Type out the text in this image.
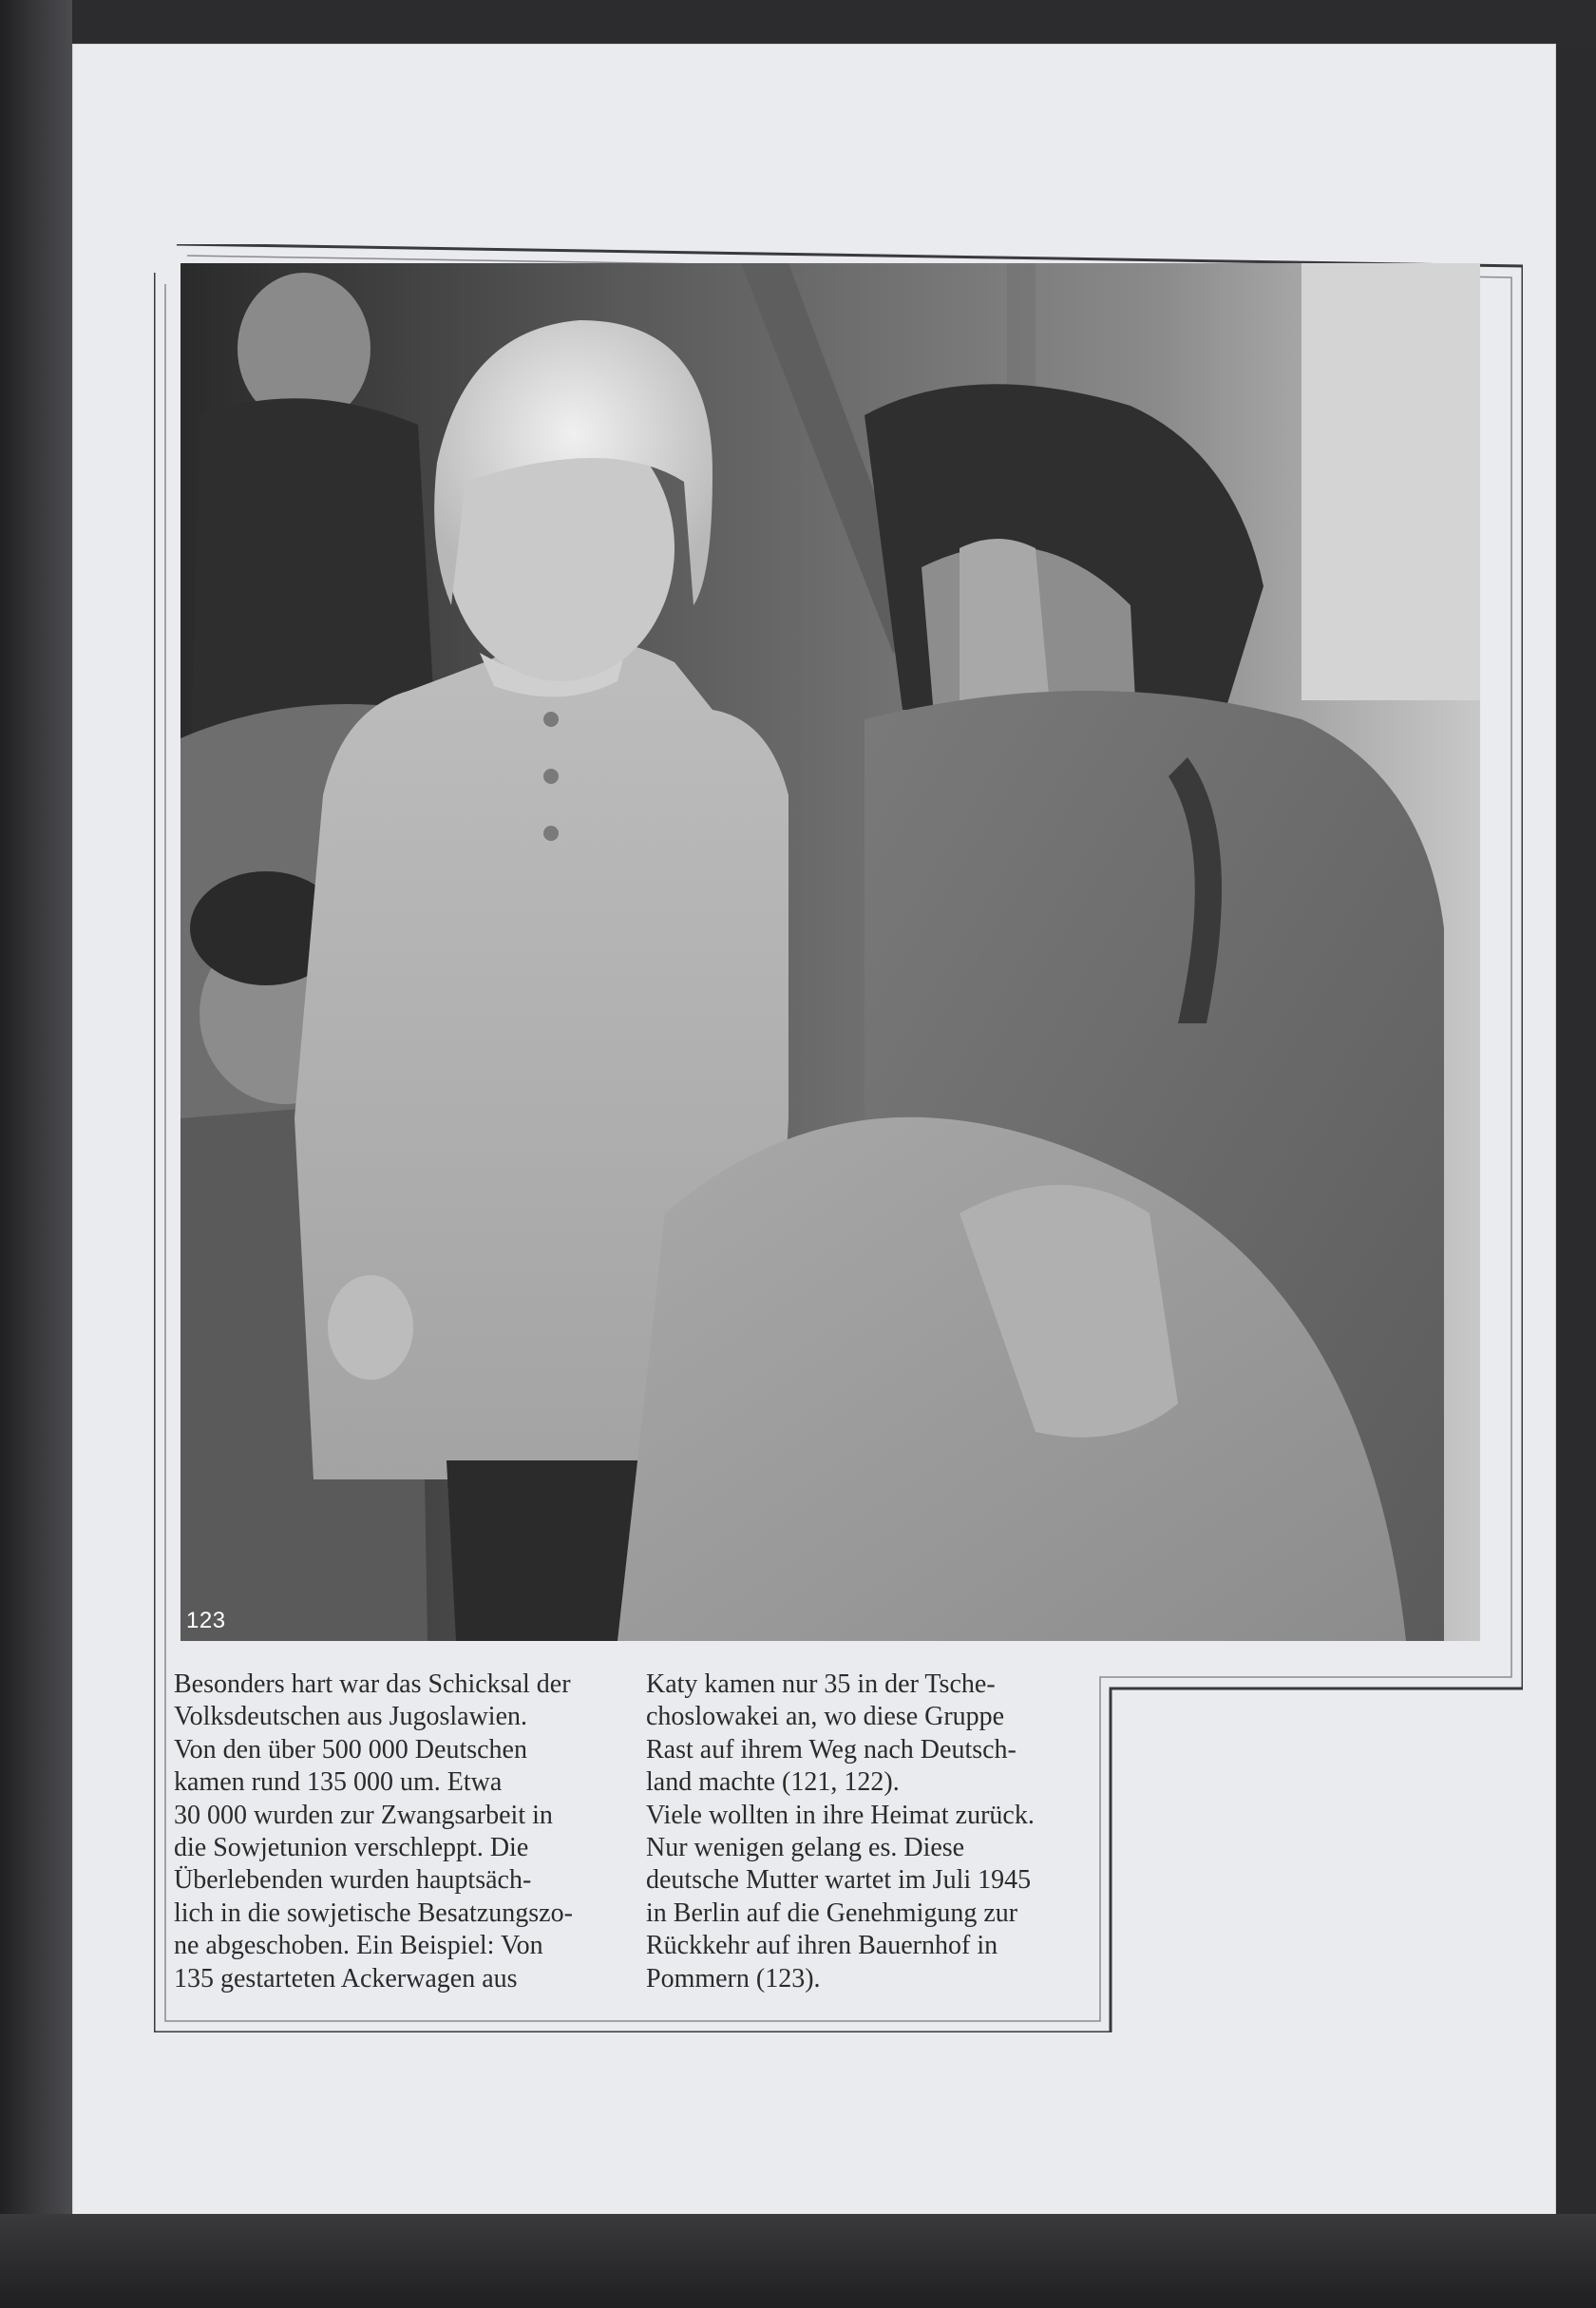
123
Besonders hart war das Schicksal der
Volksdeutschen aus Jugoslawien.
Von den über 500 000 Deutschen
kamen rund 135 000 um. Etwa
30 000 wurden zur Zwangsarbeit in
die Sowjetunion verschleppt. Die
Überlebenden wurden hauptsäch-
lich in die sowjetische Besatzungszo-
ne abgeschoben. Ein Beispiel: Von
135 gestarteten Ackerwagen aus
Katy kamen nur 35 in der Tsche-
choslowakei an, wo diese Gruppe
Rast auf ihrem Weg nach Deutsch-
land machte (121, 122).
Viele wollten in ihre Heimat zurück.
Nur wenigen gelang es. Diese
deutsche Mutter wartet im Juli 1945
in Berlin auf die Genehmigung zur
Rückkehr auf ihren Bauernhof in
Pommern (123).
